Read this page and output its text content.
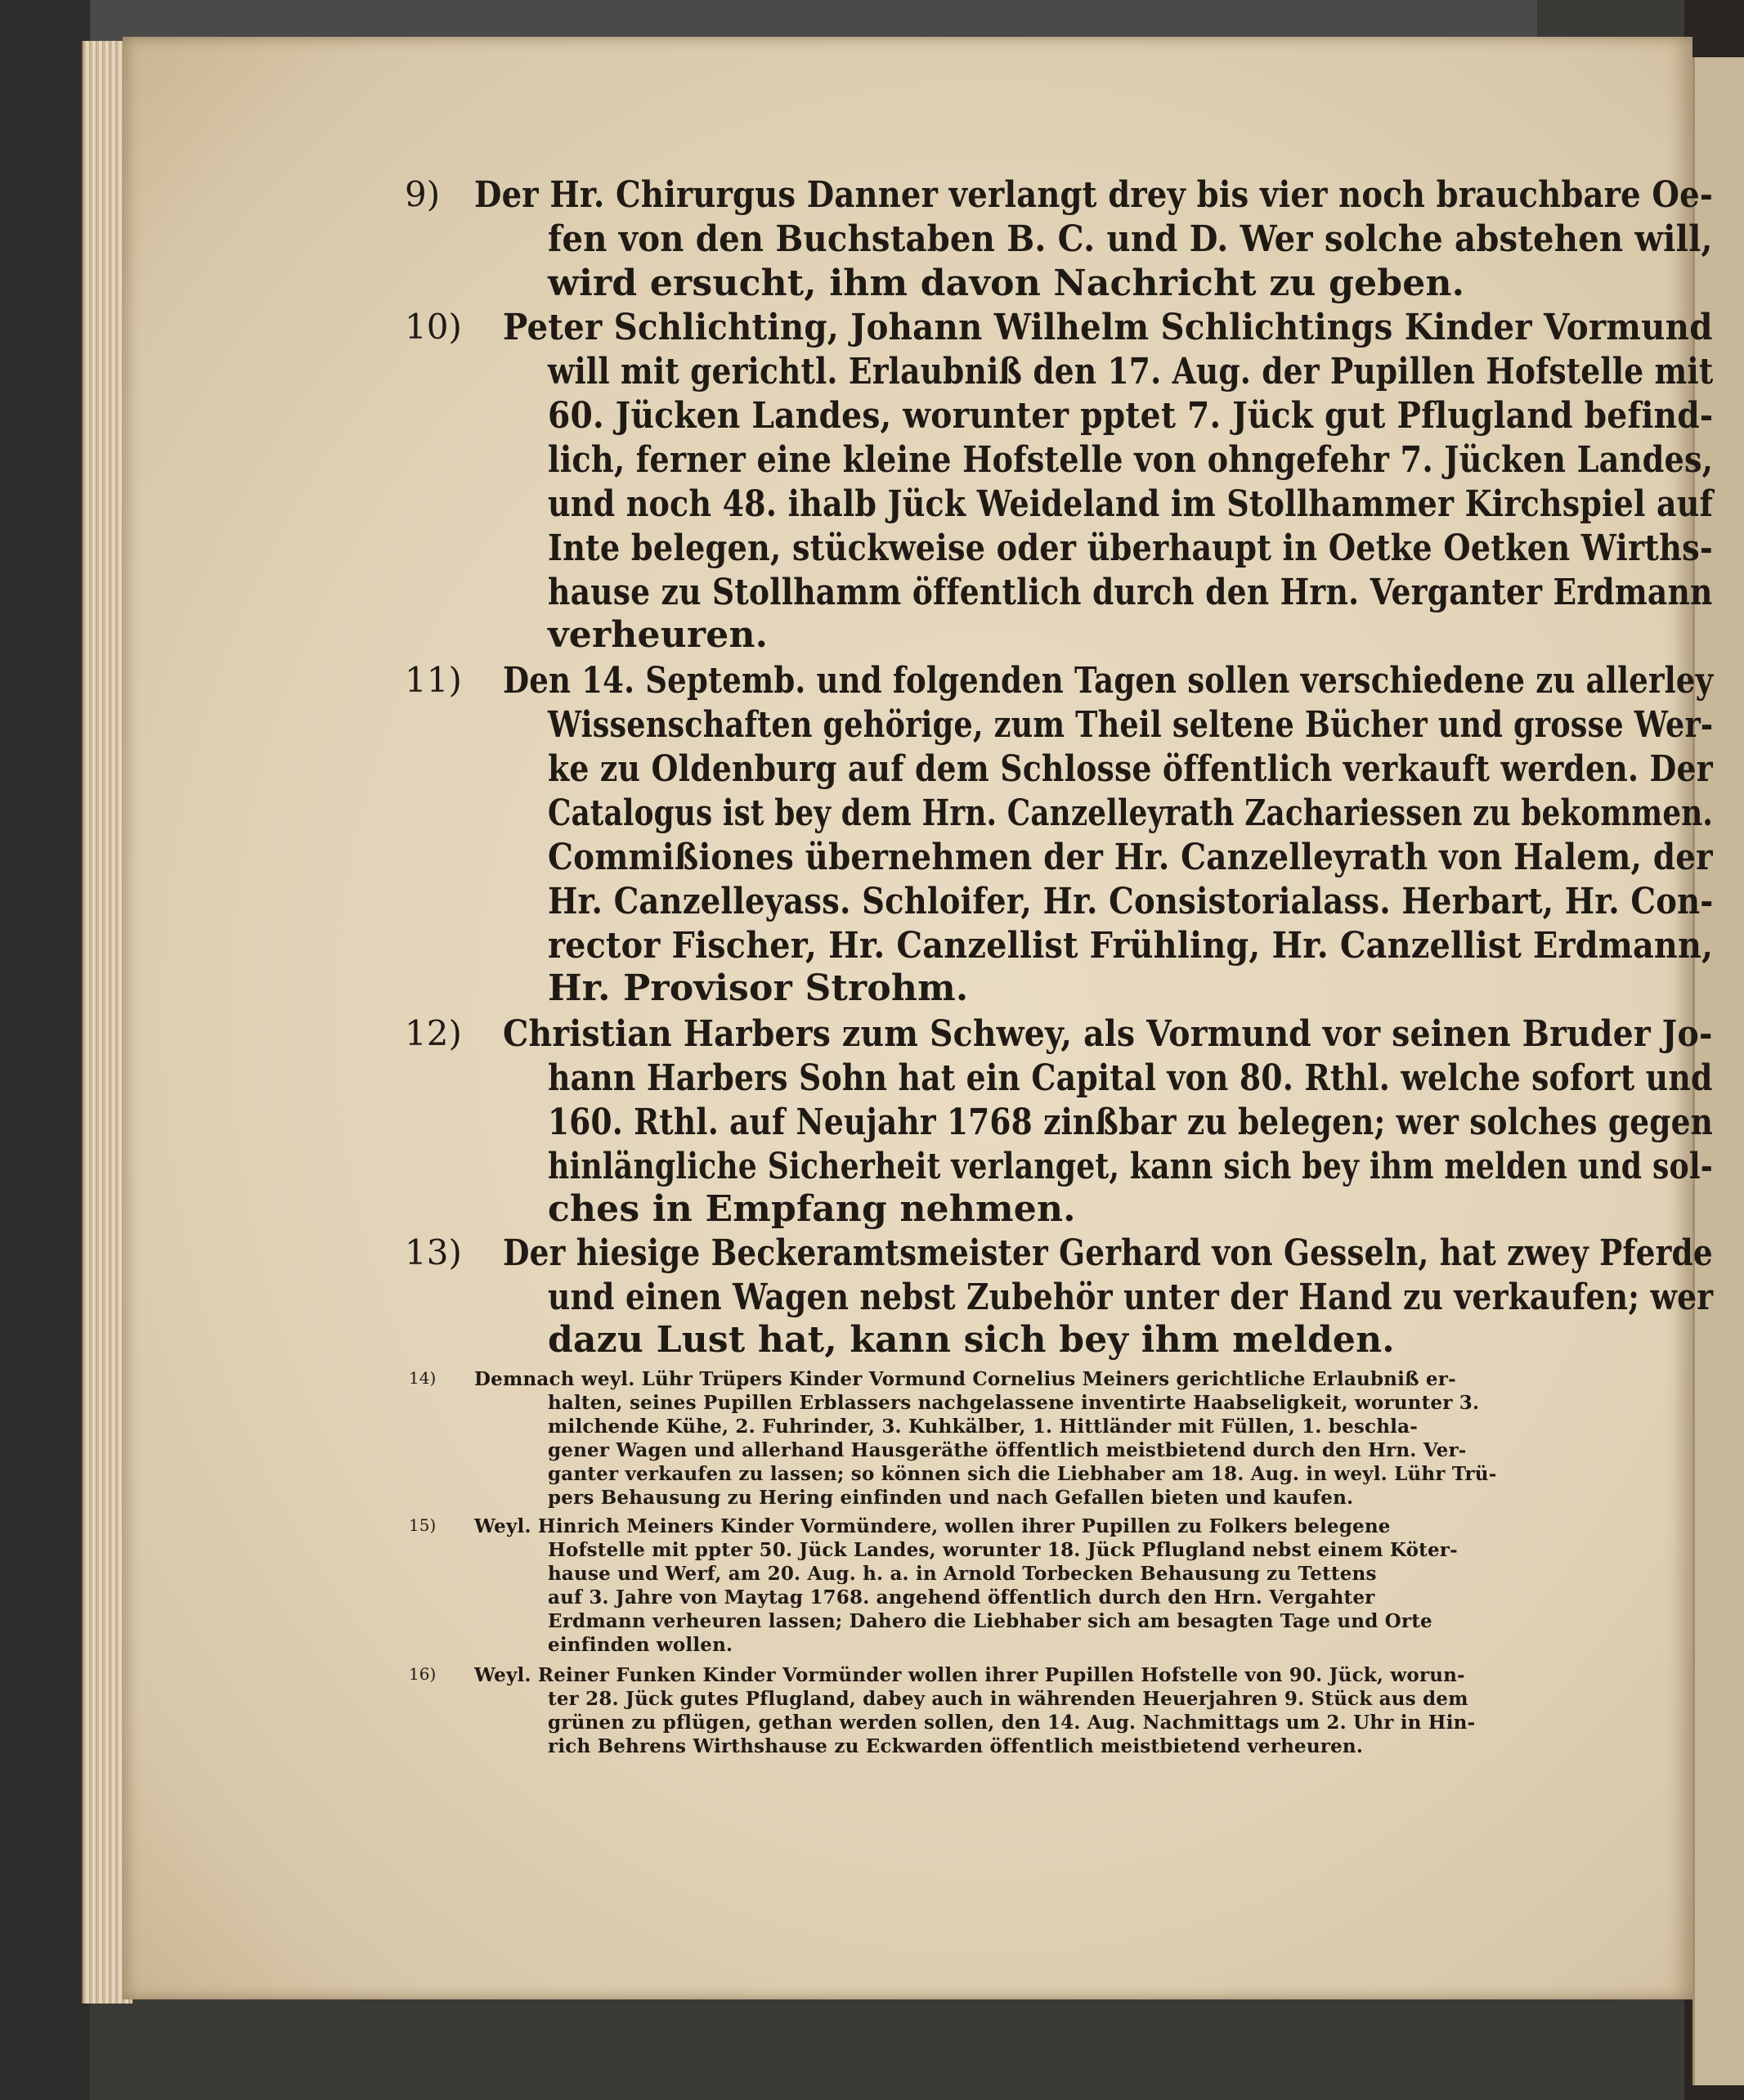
9) Der Hr. Chirurgus Danner verlangt drey bis vier noch brauchbare Oe-
fen von den Buchstaben B. C. und D. Wer solche abstehen will,
wird ersucht, ihm davon Nachricht zu geben.
10) Peter Schlichting, Johann Wilhelm Schlichtings Kinder Vormund
will mit gerichtl. Erlaubniß den 17. Aug. der Pupillen Hofstelle mit
60. Jücken Landes, worunter pptet 7. Jück gut Pflugland befind-
lich, ferner eine kleine Hofstelle von ohngefehr 7. Jücken Landes,
und noch 48. ihalb Jück Weideland im Stollhammer Kirchspiel auf
Inte belegen, stückweise oder überhaupt in Oetke Oetken Wirths-
hause zu Stollhamm öffentlich durch den Hrn. Verganter Erdmann
verheuren.
11) Den 14. Septemb. und folgenden Tagen sollen verschiedene zu allerley
Wissenschaften gehörige, zum Theil seltene Bücher und grosse Wer-
ke zu Oldenburg auf dem Schlosse öffentlich verkauft werden. Der
Catalogus ist bey dem Hrn. Canzelleyrath Zachariessen zu bekommen.
Commißiones übernehmen der Hr. Canzelleyrath von Halem, der
Hr. Canzelleyass. Schloifer, Hr. Consistorialass. Herbart, Hr. Con-
rector Fischer, Hr. Canzellist Frühling, Hr. Canzellist Erdmann,
Hr. Provisor Strohm.
12) Christian Harbers zum Schwey, als Vormund vor seinen Bruder Jo-
hann Harbers Sohn hat ein Capital von 80. Rthl. welche sofort und
160. Rthl. auf Neujahr 1768 zinßbar zu belegen; wer solches gegen
hinlängliche Sicherheit verlanget, kann sich bey ihm melden und sol-
ches in Empfang nehmen.
13) Der hiesige Beckeramtsmeister Gerhard von Gesseln, hat zwey Pferde
und einen Wagen nebst Zubehör unter der Hand zu verkaufen; wer
dazu Lust hat, kann sich bey ihm melden.
14) Demnach weyl. Lühr Trüpers Kinder Vormund Cornelius Meiners gerichtliche Erlaubniß er-
halten, seines Pupillen Erblassers nachgelassene inventirte Haabseligkeit, worunter 3.
milchende Kühe, 2. Fuhrinder, 3. Kuhkälber, 1. Hittländer mit Füllen, 1. beschla-
gener Wagen und allerhand Hausgeräthe öffentlich meistbietend durch den Hrn. Ver-
ganter verkaufen zu lassen; so können sich die Liebhaber am 18. Aug. in weyl. Lühr Trü-
pers Behausung zu Hering einfinden und nach Gefallen bieten und kaufen.
15) Weyl. Hinrich Meiners Kinder Vormündere, wollen ihrer Pupillen zu Folkers belegene
Hofstelle mit ppter 50. Jück Landes, worunter 18. Jück Pflugland nebst einem Köter-
hause und Werf, am 20. Aug. h. a. in Arnold Torbecken Behausung zu Tettens
auf 3. Jahre von Maytag 1768. angehend öffentlich durch den Hrn. Vergahter
Erdmann verheuren lassen; Dahero die Liebhaber sich am besagten Tage und Orte
einfinden wollen.
16) Weyl. Reiner Funken Kinder Vormünder wollen ihrer Pupillen Hofstelle von 90. Jück, worun-
ter 28. Jück gutes Pflugland, dabey auch in währenden Heuerjahren 9. Stück aus dem
grünen zu pflügen, gethan werden sollen, den 14. Aug. Nachmittags um 2. Uhr in Hin-
rich Behrens Wirthshause zu Eckwarden öffentlich meistbietend verheuren.
